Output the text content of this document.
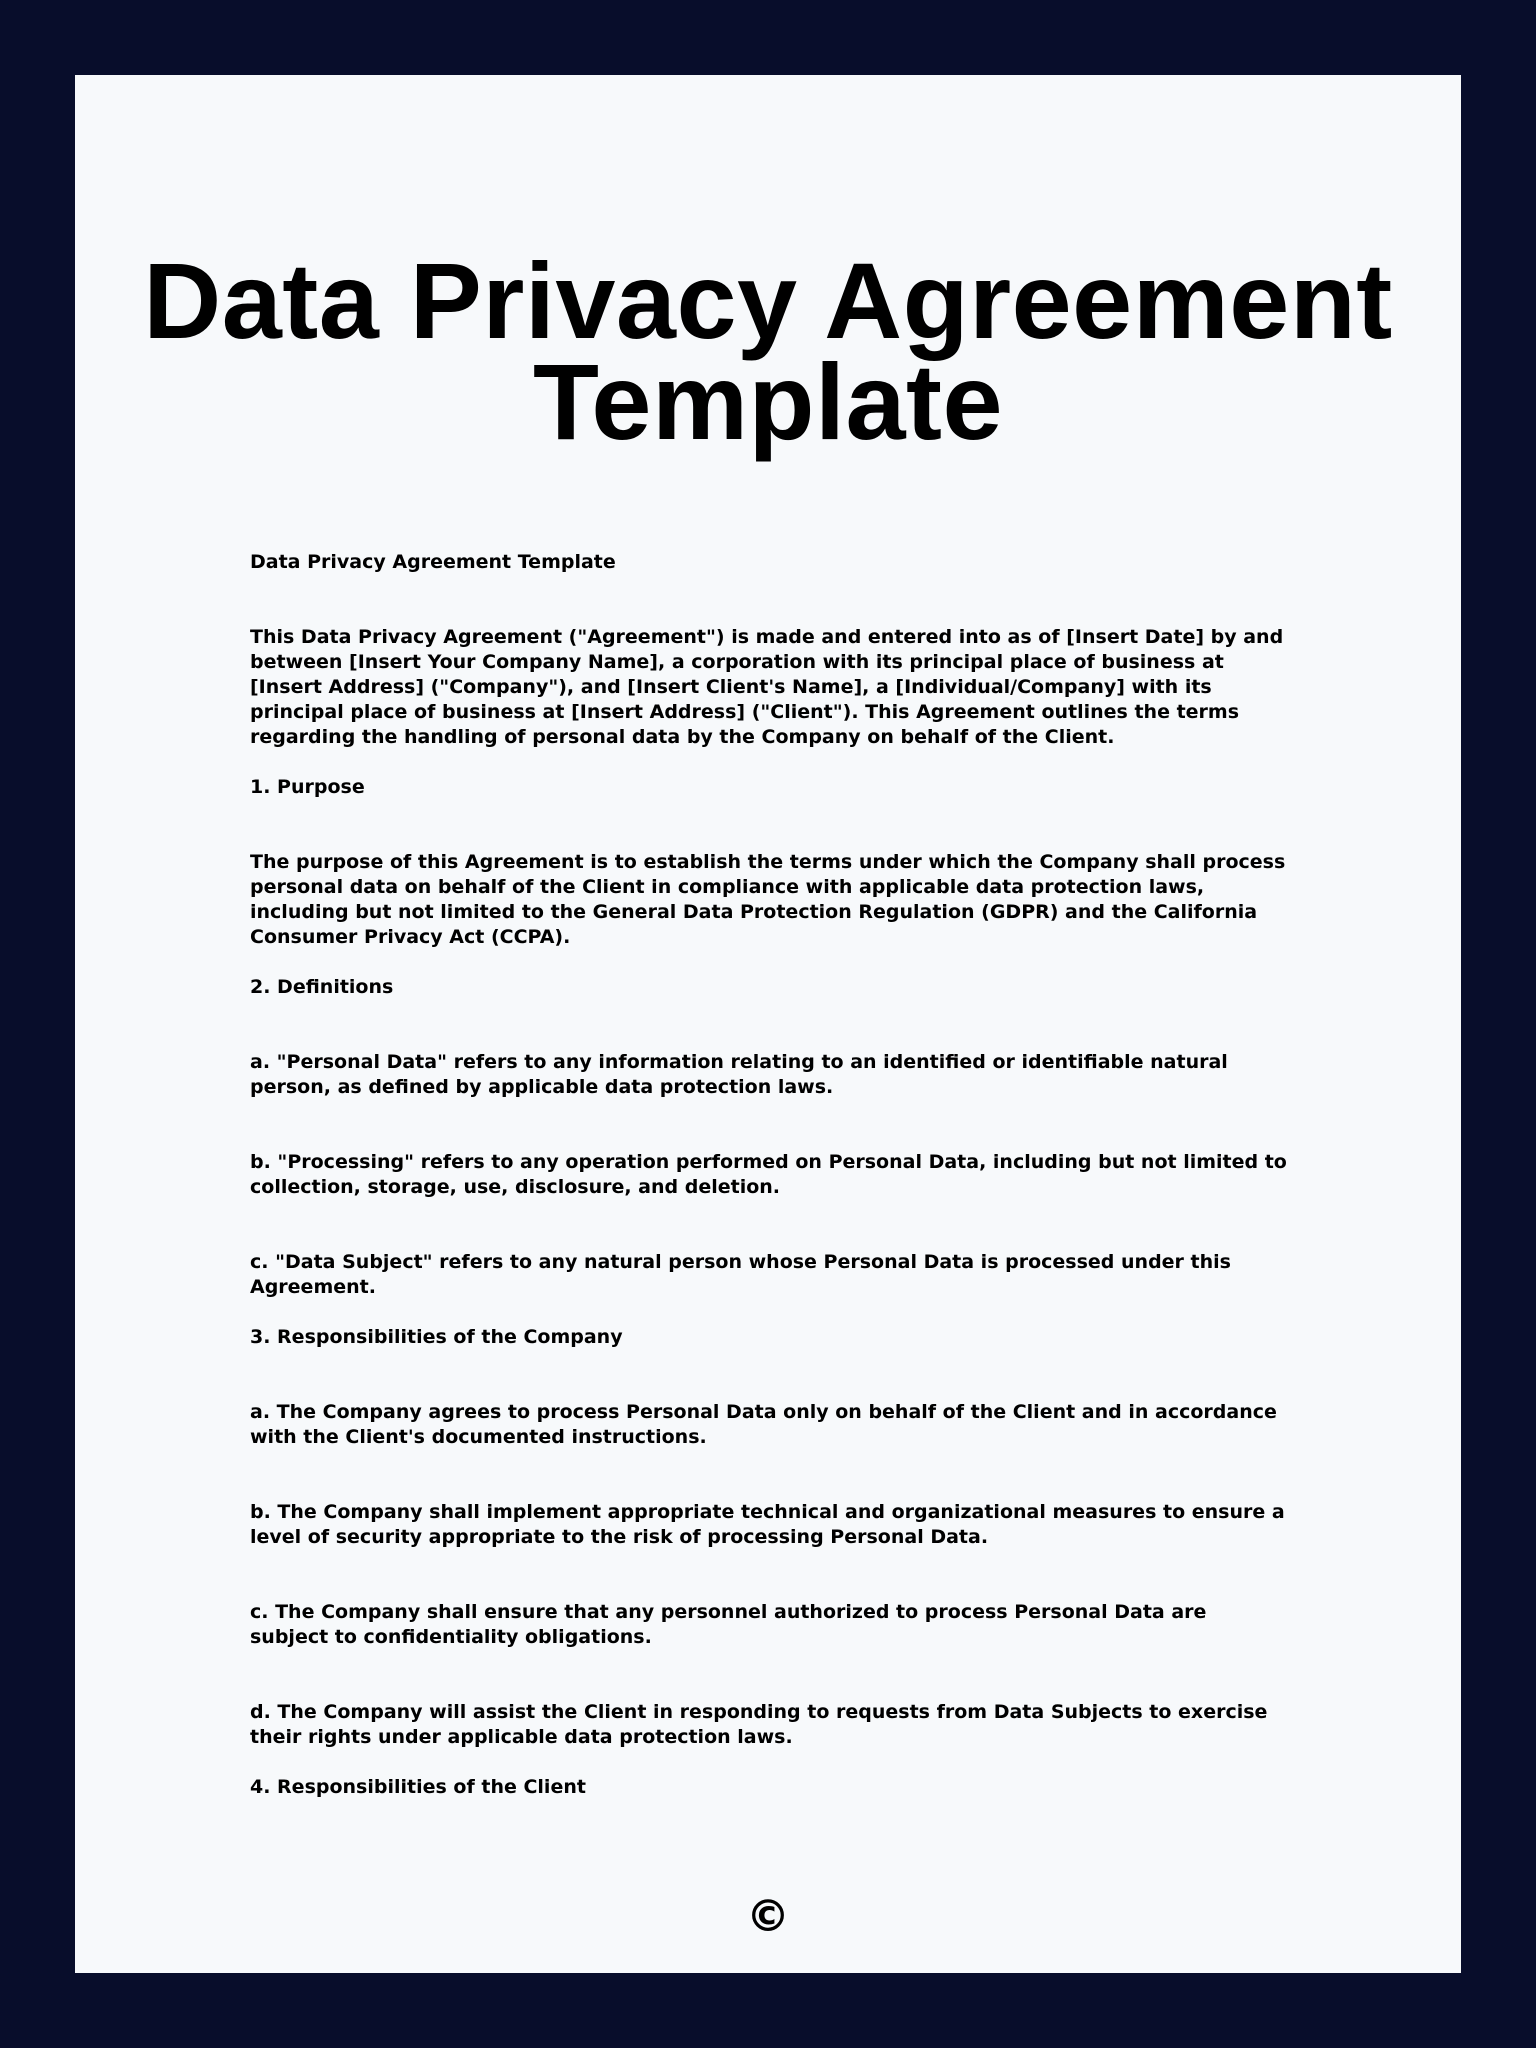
Data Privacy Agreement Template

Data Privacy Agreement Template

This Data Privacy Agreement ("Agreement") is made and entered into as of [Insert Date] by and between [Insert Your Company Name], a corporation with its principal place of business at [Insert Address] ("Company"), and [Insert Client's Name], a [Individual/Company] with its principal place of business at [Insert Address] ("Client"). This Agreement outlines the terms regarding the handling of personal data by the Company on behalf of the Client.

1. Purpose

The purpose of this Agreement is to establish the terms under which the Company shall process personal data on behalf of the Client in compliance with applicable data protection laws, including but not limited to the General Data Protection Regulation (GDPR) and the California Consumer Privacy Act (CCPA).

2. Definitions

a. "Personal Data" refers to any information relating to an identified or identifiable natural person, as defined by applicable data protection laws.

b. "Processing" refers to any operation performed on Personal Data, including but not limited to collection, storage, use, disclosure, and deletion.

c. "Data Subject" refers to any natural person whose Personal Data is processed under this Agreement.

3. Responsibilities of the Company

a. The Company agrees to process Personal Data only on behalf of the Client and in accordance with the Client's documented instructions.

b. The Company shall implement appropriate technical and organizational measures to ensure a level of security appropriate to the risk of processing Personal Data.

c. The Company shall ensure that any personnel authorized to process Personal Data are subject to confidentiality obligations.

d. The Company will assist the Client in responding to requests from Data Subjects to exercise their rights under applicable data protection laws.

4. Responsibilities of the Client

©
